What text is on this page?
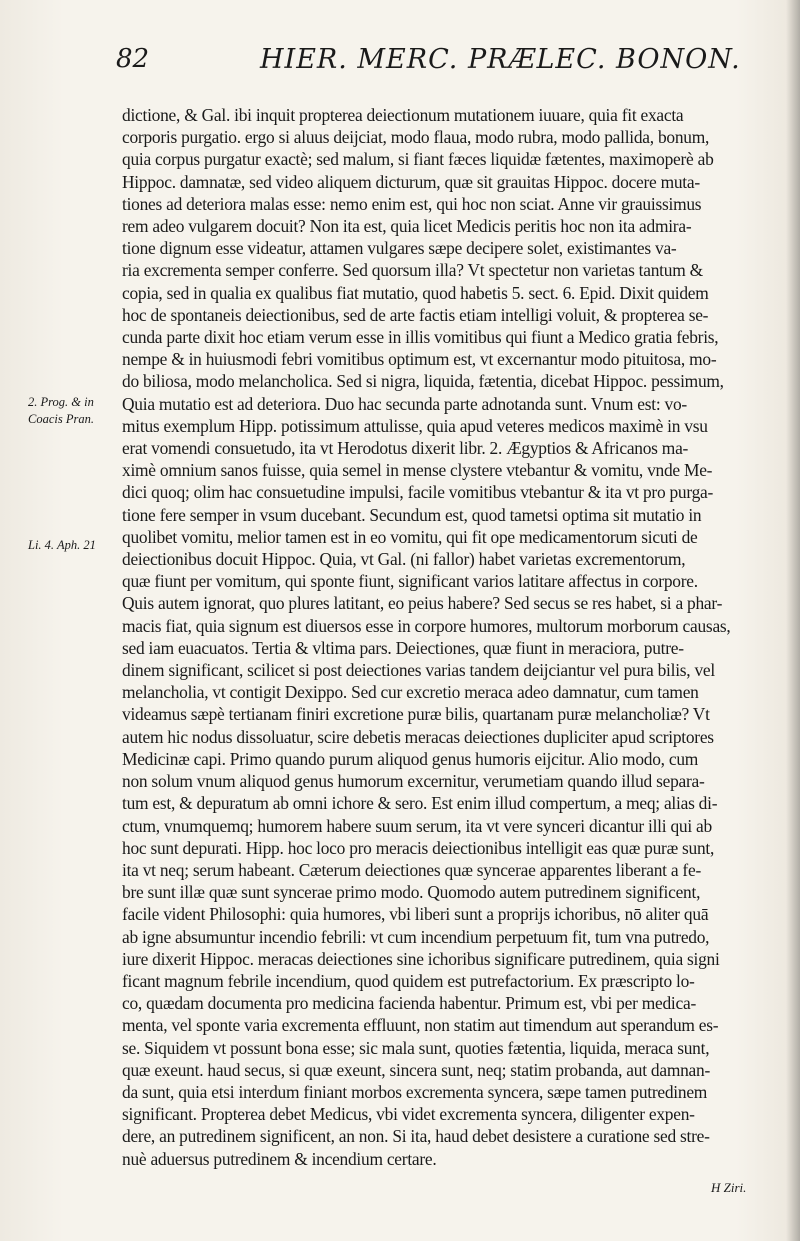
82	HIER. MERC. PRÆLEC. BONON.
2. Prog. & in Coacis Pran.
Li. 4. Aph. 21
dictione, & Gal. ibi inquit propterea deiectionum mutationem iuuare, quia fit exacta
corporis purgatio. ergo si aluus deijciat, modo flaua, modo rubra, modo pallida, bonum,
quia corpus purgatur exactè; sed malum, si fiant fæces liquidæ fætentes, maximoperè ab
Hippoc. damnatæ, sed video aliquem dicturum, quæ sit grauitas Hippoc. docere muta-
tiones ad deteriora malas esse: nemo enim est, qui hoc non sciat. Anne vir grauissimus
rem adeo vulgarem docuit? Non ita est, quia licet Medicis peritis hoc non ita admira-
tione dignum esse videatur, attamen vulgares sæpe decipere solet, existimantes va-
ria excrementa semper conferre. Sed quorsum illa? Vt spectetur non varietas tantum &
copia, sed in qualia ex qualibus fiat mutatio, quod habetis 5. sect. 6. Epid. Dixit quidem
hoc de spontaneis deiectionibus, sed de arte factis etiam intelligi voluit, & propterea se-
cunda parte dixit hoc etiam verum esse in illis vomitibus qui fiunt a Medico gratia febris,
nempe & in huiusmodi febri vomitibus optimum est, vt excernantur modo pituitosa, mo-
do biliosa, modo melancholica. Sed si nigra, liquida, fætentia, dicebat Hippoc. pessimum,
Quia mutatio est ad deteriora. Duo hac secunda parte adnotanda sunt. Vnum est: vo-
mitus exemplum Hipp. potissimum attulisse, quia apud veteres medicos maximè in vsu
erat vomendi consuetudo, ita vt Herodotus dixerit libr. 2. Ægyptios & Africanos ma-
ximè omnium sanos fuisse, quia semel in mense clystere vtebantur & vomitu, vnde Me-
dici quoq; olim hac consuetudine impulsi, facile vomitibus vtebantur & ita vt pro purga-
tione fere semper in vsum ducebant. Secundum est, quod tametsi optima sit mutatio in
quolibet vomitu, melior tamen est in eo vomitu, qui fit ope medicamentorum sicuti de
deiectionibus docuit Hippoc. Quia, vt Gal. (ni fallor) habet varietas excrementorum,
quæ fiunt per vomitum, qui sponte fiunt, significant varios latitare affectus in corpore.
Quis autem ignorat, quo plures latitant, eo peius habere? Sed secus se res habet, si a phar-
macis fiat, quia signum est diuersos esse in corpore humores, multorum morborum causas,
sed iam euacuatos. Tertia & vltima pars. Deiectiones, quæ fiunt in meraciora, putre-
dinem significant, scilicet si post deiectiones varias tandem deijciantur vel pura bilis, vel
melancholia, vt contigit Dexippo. Sed cur excretio meraca adeo damnatur, cum tamen
videamus sæpè tertianam finiri excretione puræ bilis, quartanam puræ melancholiæ? Vt
autem hic nodus dissoluatur, scire debetis meracas deiectiones dupliciter apud scriptores
Medicinæ capi. Primo quando purum aliquod genus humoris eijcitur. Alio modo, cum
non solum vnum aliquod genus humorum excernitur, verumetiam quando illud separa-
tum est, & depuratum ab omni ichore & sero. Est enim illud compertum, a meq; alias di-
ctum, vnumquemq; humorem habere suum serum, ita vt vere synceri dicantur illi qui ab
hoc sunt depurati. Hipp. hoc loco pro meracis deiectionibus intelligit eas quæ puræ sunt,
ita vt neq; serum habeant. Cæterum deiectiones quæ syncerae apparentes liberant a fe-
bre sunt illæ quæ sunt syncerae primo modo. Quomodo autem putredinem significent,
facile vident Philosophi: quia humores, vbi liberi sunt a proprijs ichoribus, nō aliter quā
ab igne absumuntur incendio febrili: vt cum incendium perpetuum fit, tum vna putredo,
iure dixerit Hippoc. meracas deiectiones sine ichoribus significare putredinem, quia signi
ficant magnum febrile incendium, quod quidem est putrefactorium. Ex præscripto lo-
co, quædam documenta pro medicina facienda habentur. Primum est, vbi per medica-
menta, vel sponte varia excrementa effluunt, non statim aut timendum aut sperandum es-
se. Siquidem vt possunt bona esse; sic mala sunt, quoties fætentia, liquida, meraca sunt,
quæ exeunt. haud secus, si quæ exeunt, sincera sunt, neq; statim probanda, aut damnan-
da sunt, quia etsi interdum finiant morbos excrementa syncera, sæpe tamen putredinem
significant. Propterea debet Medicus, vbi videt excrementa syncera, diligenter expen-
dere, an putredinem significent, an non. Si ita, haud debet desistere a curatione sed stre-
nuè aduersus putredinem & incendium certare.
H Ziri.
